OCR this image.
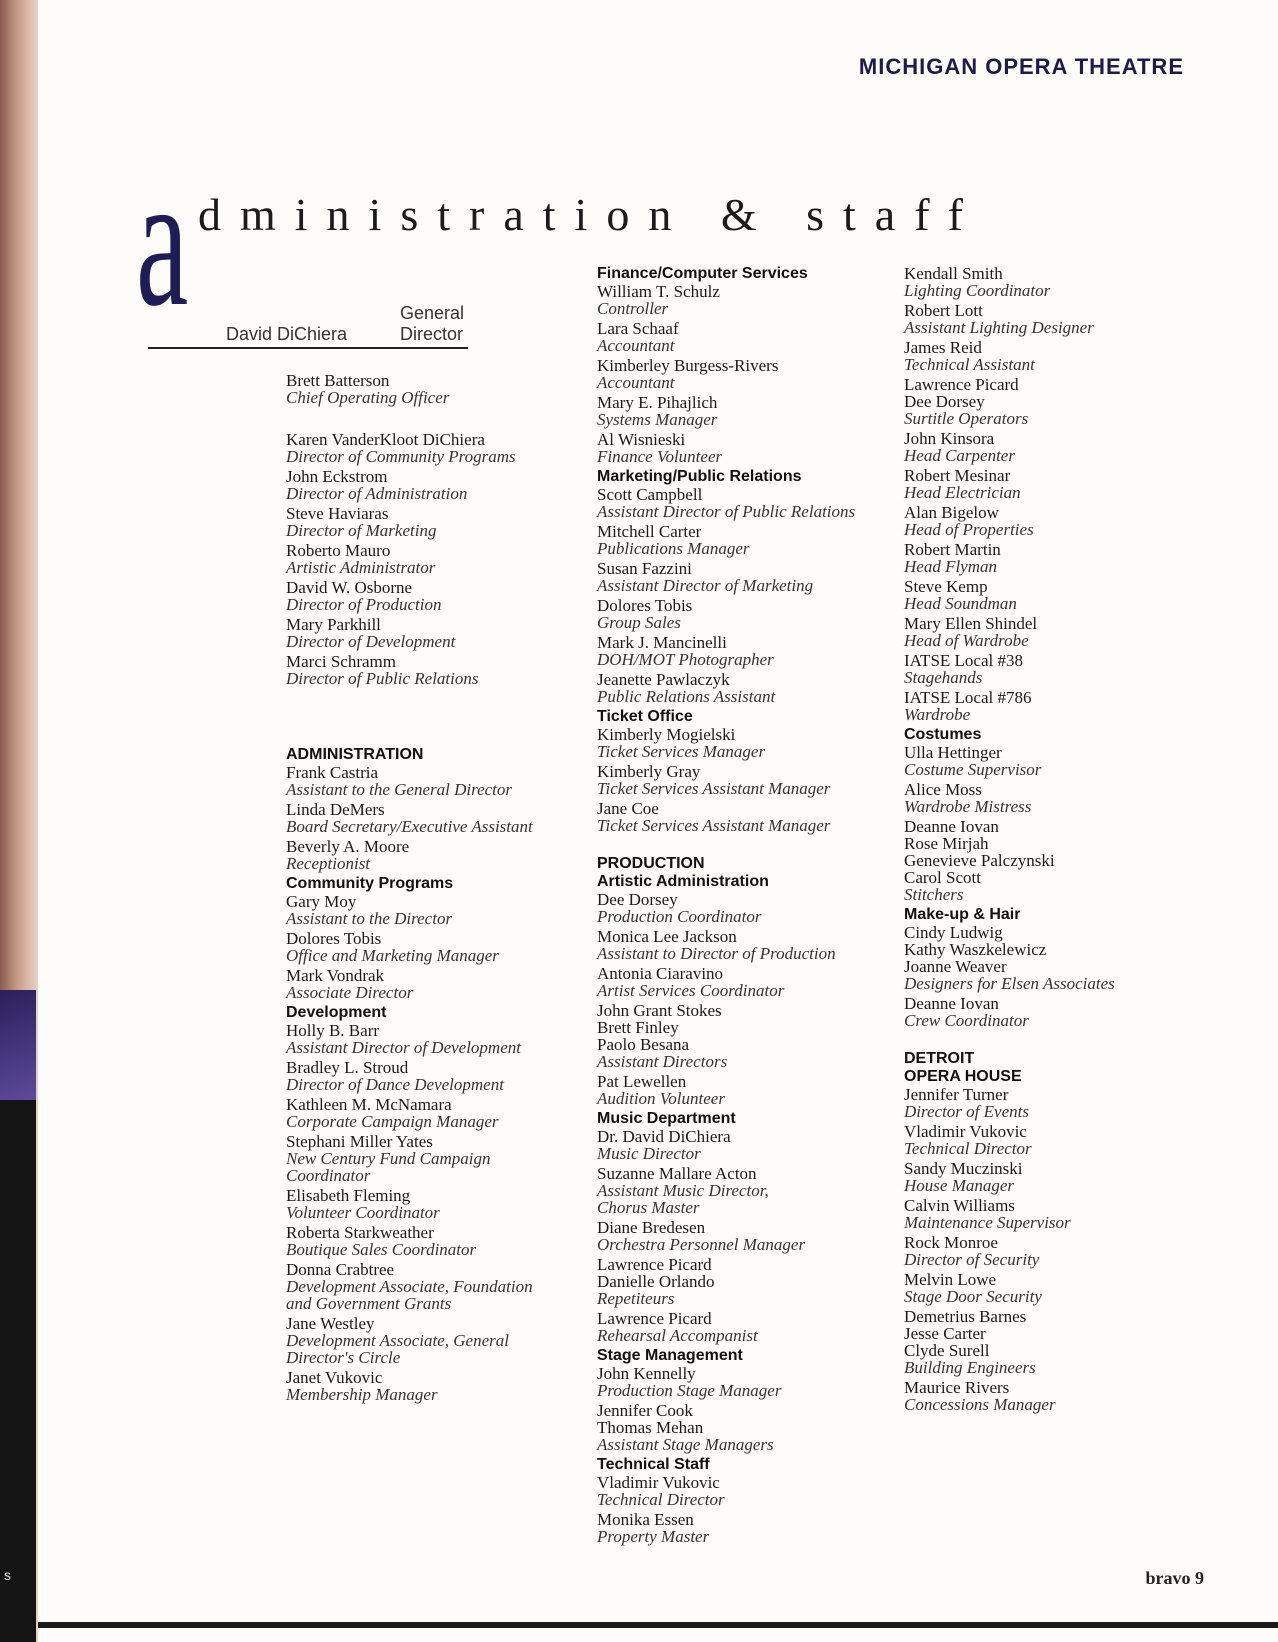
s
MICHIGAN OPERA THEATRE
a dministration & staff
David DiChiera
General
Director
Brett Batterson
Chief Operating Officer
Karen VanderKloot DiChiera
Director of Community Programs
John Eckstrom
Director of Administration
Steve Haviaras
Director of Marketing
Roberto Mauro
Artistic Administrator
David W. Osborne
Director of Production
Mary Parkhill
Director of Development
Marci Schramm
Director of Public Relations
ADMINISTRATION
Frank Castria
Assistant to the General Director
Linda DeMers
Board Secretary/Executive Assistant
Beverly A. Moore
Receptionist
Community Programs
Gary Moy
Assistant to the Director
Dolores Tobis
Office and Marketing Manager
Mark Vondrak
Associate Director
Development
Holly B. Barr
Assistant Director of Development
Bradley L. Stroud
Director of Dance Development
Kathleen M. McNamara
Corporate Campaign Manager
Stephani Miller Yates
New Century Fund Campaign Coordinator
Elisabeth Fleming
Volunteer Coordinator
Roberta Starkweather
Boutique Sales Coordinator
Donna Crabtree
Development Associate, Foundation
and Government Grants
Jane Westley
Development Associate, General
Director's Circle
Janet Vukovic
Membership Manager
Finance/Computer Services
William T. Schulz
Controller
Lara Schaaf
Accountant
Kimberley Burgess-Rivers
Accountant
Mary E. Pihajlich
Systems Manager
Al Wisnieski
Finance Volunteer
Marketing/Public Relations
Scott Campbell
Assistant Director of Public Relations
Mitchell Carter
Publications Manager
Susan Fazzini
Assistant Director of Marketing
Dolores Tobis
Group Sales
Mark J. Mancinelli
DOH/MOT Photographer
Jeanette Pawlaczyk
Public Relations Assistant
Ticket Office
Kimberly Mogielski
Ticket Services Manager
Kimberly Gray
Ticket Services Assistant Manager
Jane Coe
Ticket Services Assistant Manager
PRODUCTION
Artistic Administration
Dee Dorsey
Production Coordinator
Monica Lee Jackson
Assistant to Director of Production
Antonia Ciaravino
Artist Services Coordinator
John Grant Stokes
Brett Finley
Paolo Besana
Assistant Directors
Pat Lewellen
Audition Volunteer
Music Department
Dr. David DiChiera
Music Director
Suzanne Mallare Acton
Assistant Music Director,
Chorus Master
Diane Bredesen
Orchestra Personnel Manager
Lawrence Picard
Danielle Orlando
Repetiteurs
Lawrence Picard
Rehearsal Accompanist
Stage Management
John Kennelly
Production Stage Manager
Jennifer Cook
Thomas Mehan
Assistant Stage Managers
Technical Staff
Vladimir Vukovic
Technical Director
Monika Essen
Property Master
Kendall Smith
Lighting Coordinator
Robert Lott
Assistant Lighting Designer
James Reid
Technical Assistant
Lawrence Picard
Dee Dorsey
Surtitle Operators
John Kinsora
Head Carpenter
Robert Mesinar
Head Electrician
Alan Bigelow
Head of Properties
Robert Martin
Head Flyman
Steve Kemp
Head Soundman
Mary Ellen Shindel
Head of Wardrobe
IATSE Local #38
Stagehands
IATSE Local #786
Wardrobe
Costumes
Ulla Hettinger
Costume Supervisor
Alice Moss
Wardrobe Mistress
Deanne Iovan
Rose Mirjah
Genevieve Palczynski
Carol Scott
Stitchers
Make-up & Hair
Cindy Ludwig
Kathy Waszkelewicz
Joanne Weaver
Designers for Elsen Associates
Deanne Iovan
Crew Coordinator
DETROIT
OPERA HOUSE
Jennifer Turner
Director of Events
Vladimir Vukovic
Technical Director
Sandy Muczinski
House Manager
Calvin Williams
Maintenance Supervisor
Rock Monroe
Director of Security
Melvin Lowe
Stage Door Security
Demetrius Barnes
Jesse Carter
Clyde Surell
Building Engineers
Maurice Rivers
Concessions Manager
bravo 9
